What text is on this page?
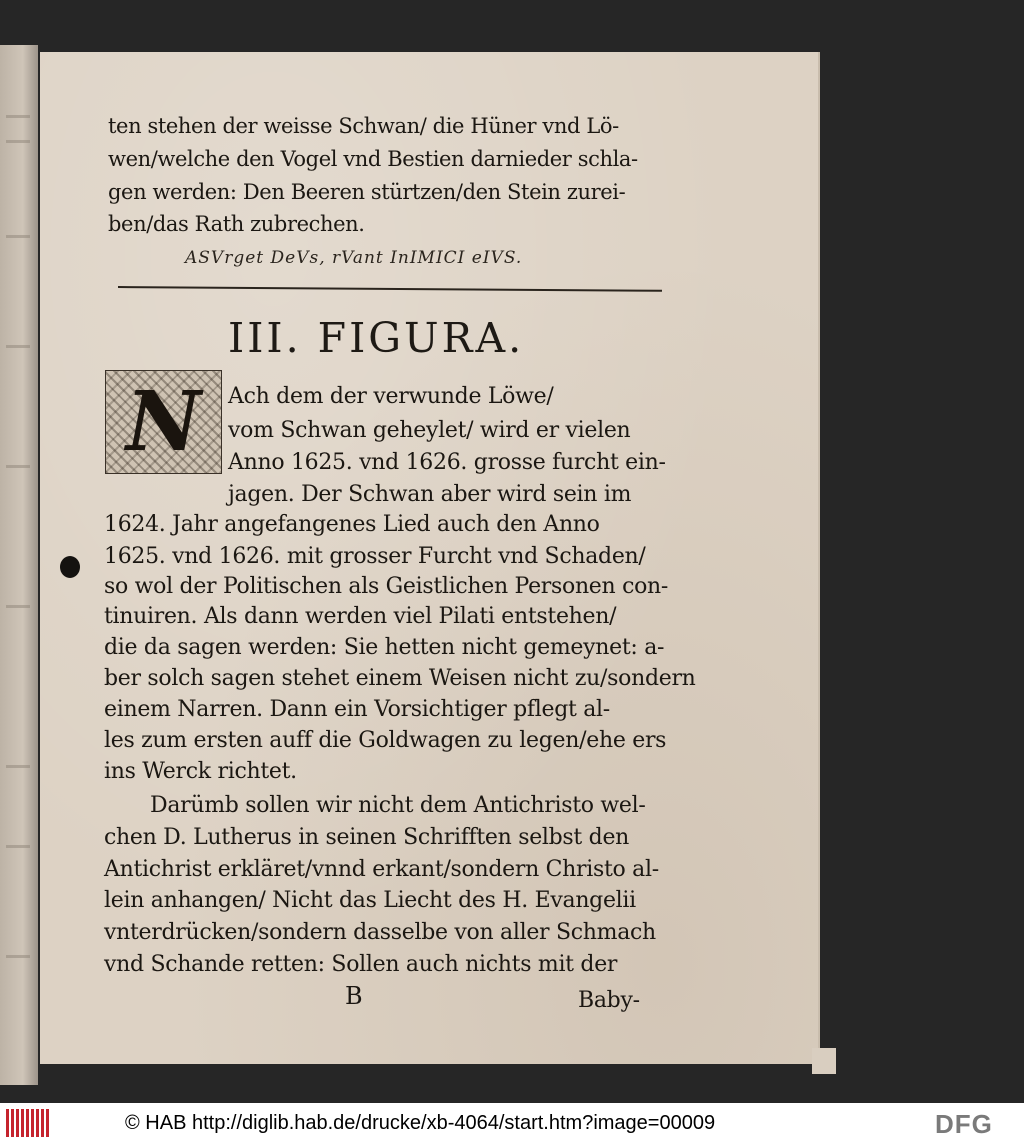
ten stehen der weisse Schwan/ die Hüner vnd Lö-
wen/welche den Vogel vnd Bestien darnieder schla-
gen werden: Den Beeren stürtzen/den Stein zurei-
ben/das Rath zubrechen.
ASVrget DeVs, rVant InIMICI eIVS.
III. FIGURA.
N	Ach dem der verwunde Löwe/
vom Schwan geheylet/ wird er vielen
Anno 1625. vnd 1626. grosse furcht ein-
jagen. Der Schwan aber wird sein im
1624. Jahr angefangenes Lied auch den Anno
1625. vnd 1626. mit grosser Furcht vnd Schaden/
so wol der Politischen als Geistlichen Personen con-
tinuiren. Als dann werden viel Pilati entstehen/
die da sagen werden: Sie hetten nicht gemeynet: a-
ber solch sagen stehet einem Weisen nicht zu/sondern
einem Narren. Dann ein Vorsichtiger pflegt al-
les zum ersten auff die Goldwagen zu legen/ehe ers
ins Werck richtet.
Darümb sollen wir nicht dem Antichristo wel-
chen D. Lutherus in seinen Schrifften selbst den
Antichrist erkläret/vnnd erkant/sondern Christo al-
lein anhangen/ Nicht das Liecht des H. Evangelii
vnterdrücken/sondern dasselbe von aller Schmach
vnd Schande retten: Sollen auch nichts mit der
B	Baby-
© HAB http://diglib.hab.de/drucke/xb-4064/start.htm?image=00009	DFG
